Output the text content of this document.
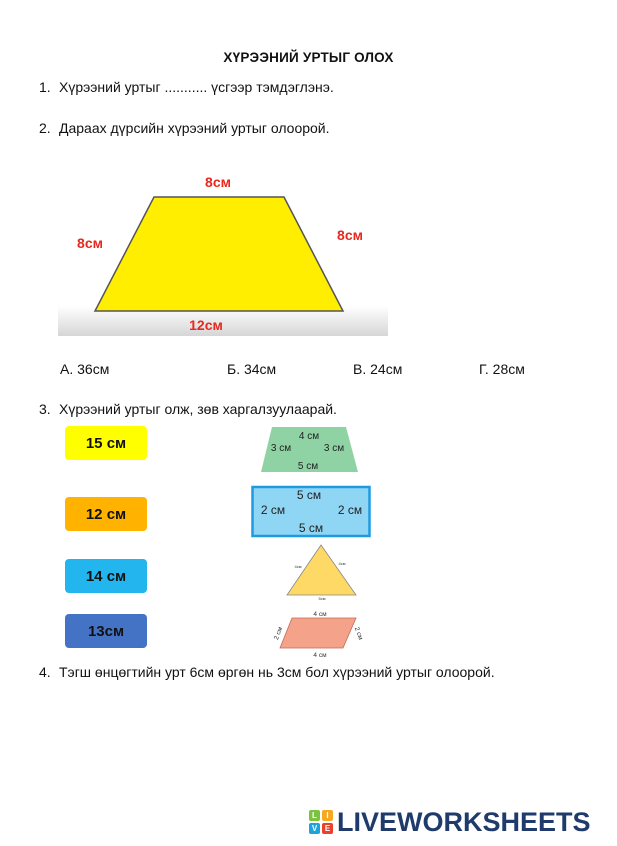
ХҮРЭЭНИЙ УРТЫГ ОЛОХ
1. Хүрээний уртыг ........... үсгээр тэмдэглэнэ.
2. Дараах дүрсийн хүрээний уртыг олоорой.
8см
8см	8см
12см
А. 36см	Б. 34см	В. 24см	Г. 28см
3. Хүрээний уртыг олж, зөв харгалзуулаарай.
15 см
12 см
14 см
13см
4 см
3 см	3 см
5 см
5 см
2 см	2 см
5 см
4см
4см
5см
4 см
4 см
2 см	2 см
4. Тэгш өнцөгтийн урт 6см өргөн нь 3см бол хүрээний уртыг олоорой.
L	I
V E LIVEWORKSHEETS
